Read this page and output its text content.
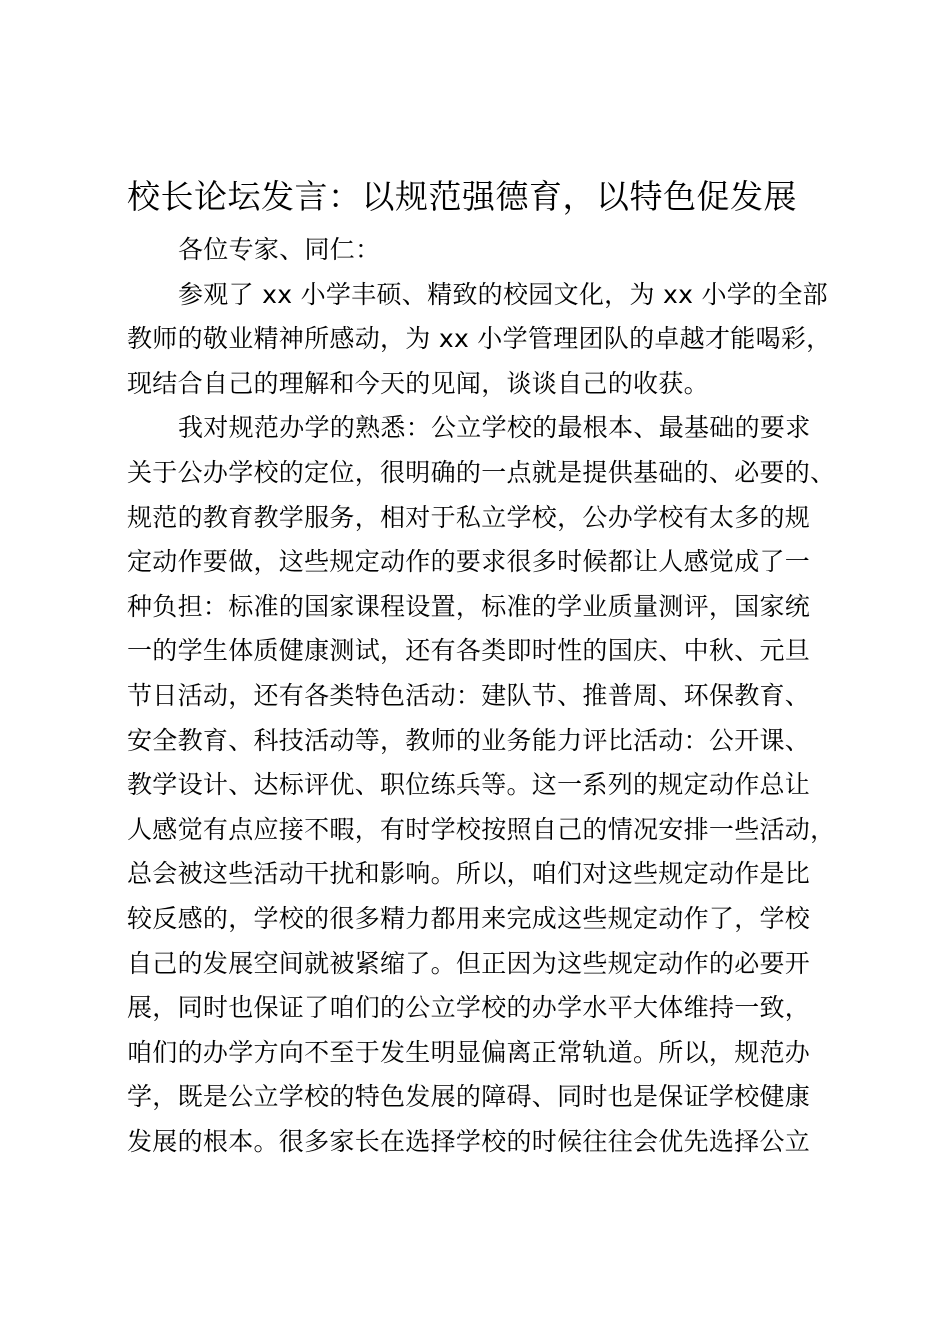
校长论坛发言：以规范强德育，以特色促发展
各位专家、同仁：
参观了 xx 小学丰硕、精致的校园文化，为 xx 小学的全部
教师的敬业精神所感动，为 xx 小学管理团队的卓越才能喝彩，
现结合自己的理解和今天的见闻，谈谈自己的收获。
我对规范办学的熟悉：公立学校的最根本、最基础的要求
关于公办学校的定位，很明确的一点就是提供基础的、必要的、
规范的教育教学服务，相对于私立学校，公办学校有太多的规
定动作要做，这些规定动作的要求很多时候都让人感觉成了一
种负担：标准的国家课程设置，标准的学业质量测评，国家统
一的学生体质健康测试，还有各类即时性的国庆、中秋、元旦
节日活动，还有各类特色活动：建队节、推普周、环保教育、
安全教育、科技活动等，教师的业务能力评比活动：公开课、
教学设计、达标评优、职位练兵等。这一系列的规定动作总让
人感觉有点应接不暇，有时学校按照自己的情况安排一些活动，
总会被这些活动干扰和影响。所以，咱们对这些规定动作是比
较反感的，学校的很多精力都用来完成这些规定动作了，学校
自己的发展空间就被紧缩了。但正因为这些规定动作的必要开
展，同时也保证了咱们的公立学校的办学水平大体维持一致，
咱们的办学方向不至于发生明显偏离正常轨道。所以，规范办
学，既是公立学校的特色发展的障碍、同时也是保证学校健康
发展的根本。很多家长在选择学校的时候往往会优先选择公立
